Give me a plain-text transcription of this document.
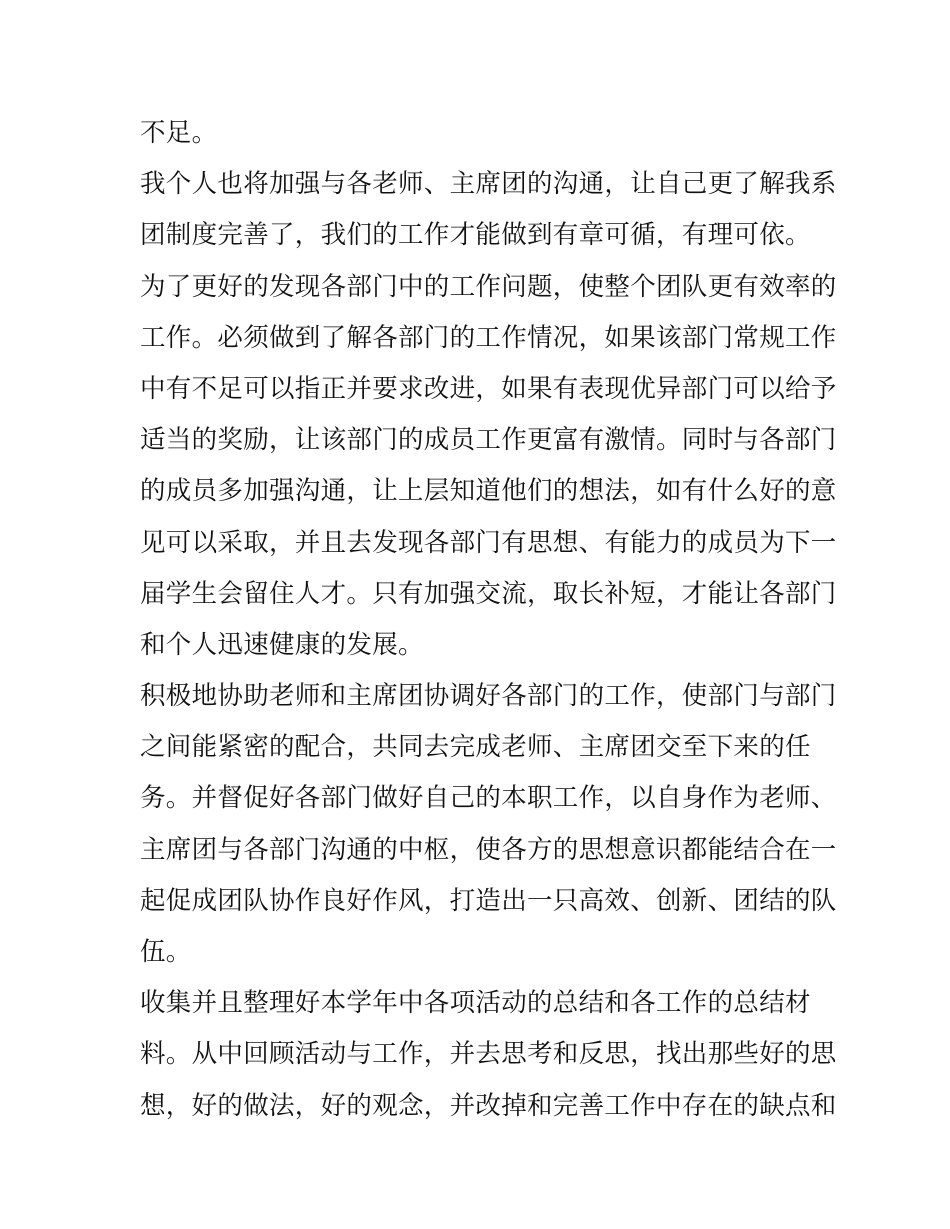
不足。
我个人也将加强与各老师、主席团的沟通，让自己更了解我系
团制度完善了，我们的工作才能做到有章可循，有理可依。
为了更好的发现各部门中的工作问题，使整个团队更有效率的
工作。必须做到了解各部门的工作情况，如果该部门常规工作
中有不足可以指正并要求改进，如果有表现优异部门可以给予
适当的奖励，让该部门的成员工作更富有激情。同时与各部门
的成员多加强沟通，让上层知道他们的想法，如有什么好的意
见可以采取，并且去发现各部门有思想、有能力的成员为下一
届学生会留住人才。只有加强交流，取长补短，才能让各部门
和个人迅速健康的发展。
积极地协助老师和主席团协调好各部门的工作，使部门与部门
之间能紧密的配合，共同去完成老师、主席团交至下来的任
务。并督促好各部门做好自己的本职工作，以自身作为老师、
主席团与各部门沟通的中枢，使各方的思想意识都能结合在一
起促成团队协作良好作风，打造出一只高效、创新、团结的队
伍。
收集并且整理好本学年中各项活动的总结和各工作的总结材
料。从中回顾活动与工作，并去思考和反思，找出那些好的思
想，好的做法，好的观念，并改掉和完善工作中存在的缺点和
